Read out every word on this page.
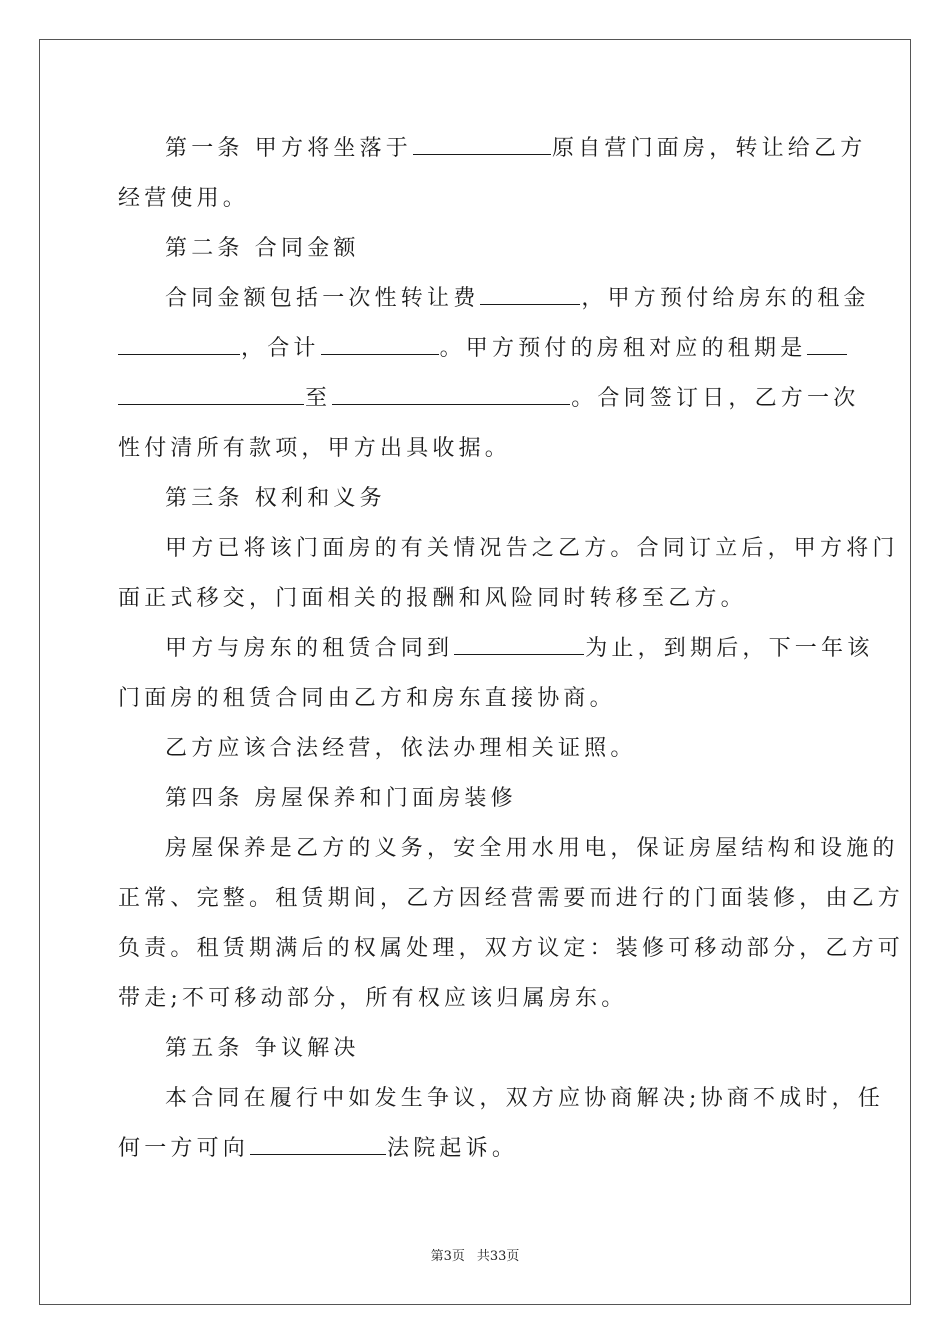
第一条 甲方将坐落于	原自营门面房，转让给乙方
经营使用。
第二条 合同金额
合同金额包括一次性转让费	，甲方预付给房东的租金
，合计	。甲方预付的房租对应的租期是
至	。合同签订日，乙方一次
性付清所有款项，甲方出具收据。
第三条 权利和义务
甲方已将该门面房的有关情况告之乙方。合同订立后，甲方将门
面正式移交，门面相关的报酬和风险同时转移至乙方。
甲方与房东的租赁合同到	为止，到期后，下一年该
门面房的租赁合同由乙方和房东直接协商。
乙方应该合法经营，依法办理相关证照。
第四条 房屋保养和门面房装修
房屋保养是乙方的义务，安全用水用电，保证房屋结构和设施的
正常、完整。租赁期间，乙方因经营需要而进行的门面装修，由乙方
负责。租赁期满后的权属处理，双方议定：装修可移动部分，乙方可
带走;不可移动部分，所有权应该归属房东。
第五条 争议解决
本合同在履行中如发生争议，双方应协商解决;协商不成时，任
何一方可向	法院起诉。
第3页 共33页
